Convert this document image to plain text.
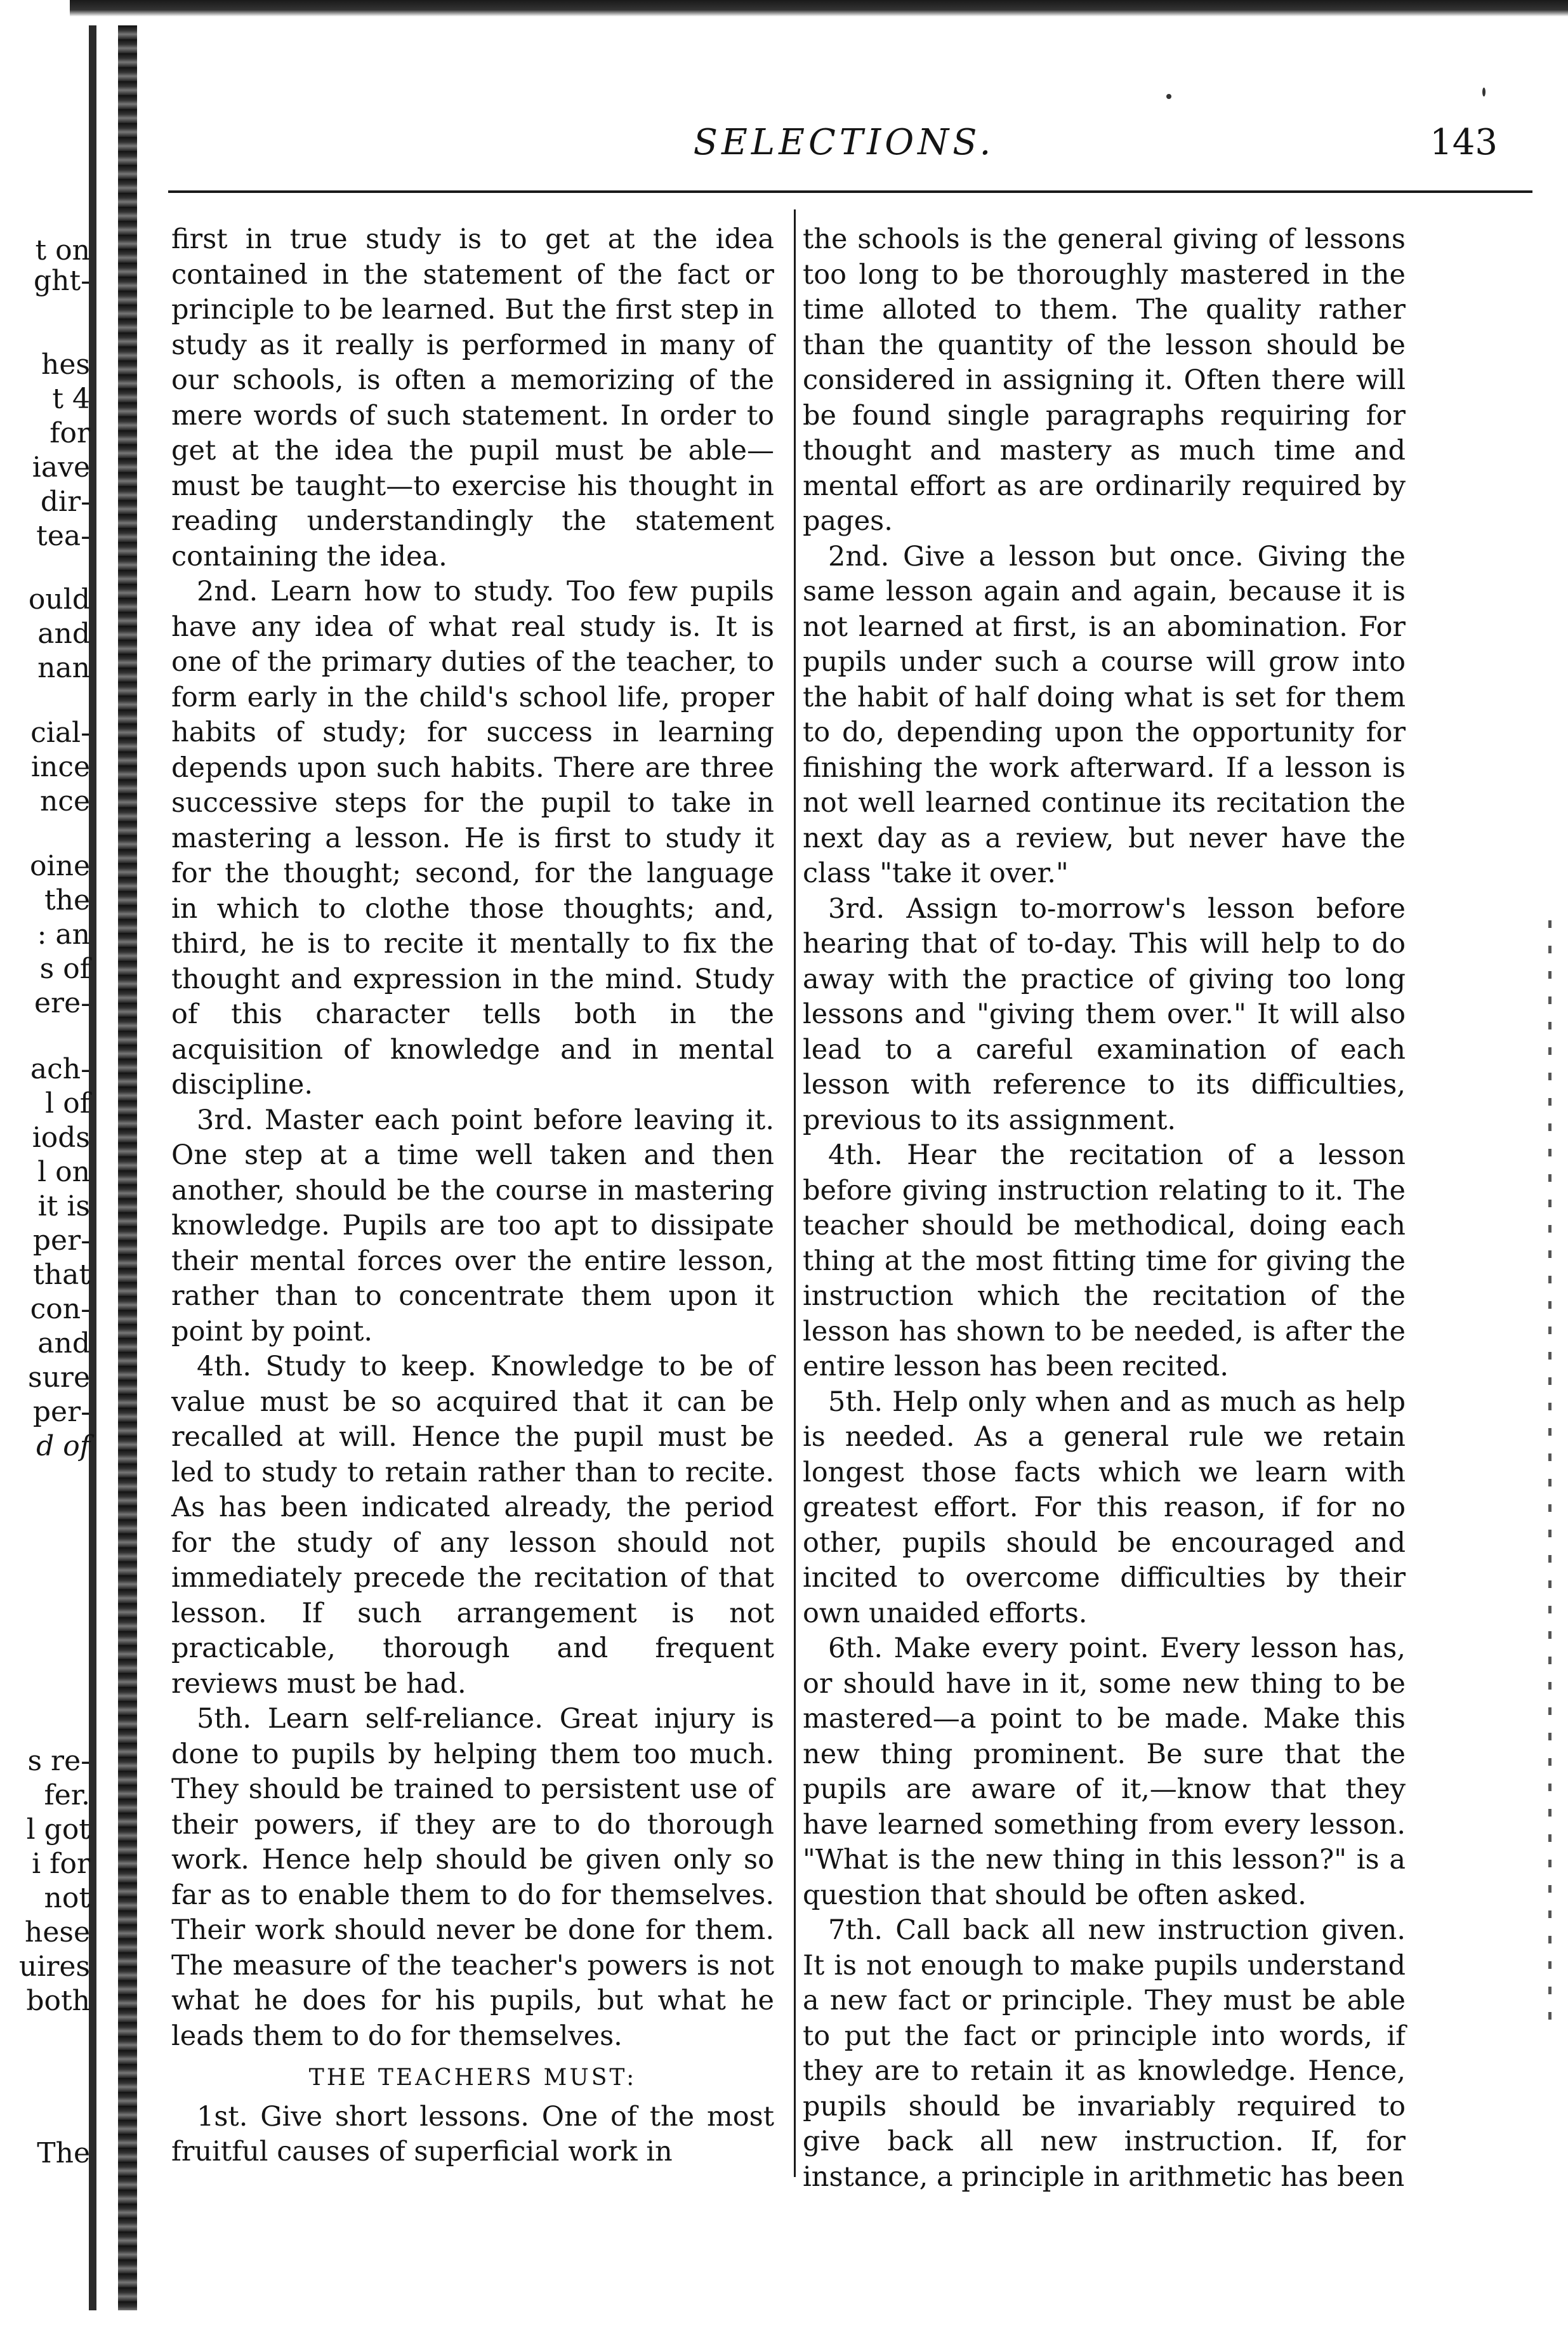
t on
ght-
hes
t 4
for
iave
dir-
tea-
ould
and
nan
cial-
ince
nce
oine
the
: an
s of
ere-
ach-
l of
iods
l on
it is
per-
that
con-
and
sure
per-
d of
s re-
fer.
l got
i for
not
hese
uires
both
The
SELECTIONS.	143

first in true study is to get at the idea contained in the statement of the fact or principle to be learned. But the first step in study as it really is performed in many of our schools, is often a memorizing of the mere words of such statement. In order to get at the idea the pupil must be able—must be taught—to exercise his thought in reading understandingly the statement containing the idea.

2nd. Learn how to study. Too few pupils have any idea of what real study is. It is one of the primary duties of the teacher, to form early in the child's school life, proper habits of study; for success in learning depends upon such habits. There are three successive steps for the pupil to take in mastering a lesson. He is first to study it for the thought; second, for the language in which to clothe those thoughts; and, third, he is to recite it mentally to fix the thought and expression in the mind. Study of this character tells both in the acquisition of knowledge and in mental discipline.

3rd. Master each point before leaving it. One step at a time well taken and then another, should be the course in mastering knowledge. Pupils are too apt to dissipate their mental forces over the entire lesson, rather than to concentrate them upon it point by point.

4th. Study to keep. Knowledge to be of value must be so acquired that it can be recalled at will. Hence the pupil must be led to study to retain rather than to recite. As has been indicated already, the period for the study of any lesson should not immediately precede the recitation of that lesson. If such arrangement is not practicable, thorough and frequent reviews must be had.

5th. Learn self-reliance. Great injury is done to pupils by helping them too much. They should be trained to persistent use of their powers, if they are to do thorough work. Hence help should be given only so far as to enable them to do for themselves. Their work should never be done for them. The measure of the teacher's powers is not what he does for his pupils, but what he leads them to do for themselves.

THE TEACHERS MUST:

1st. Give short lessons. One of the most fruitful causes of superficial work in

the schools is the general giving of lessons too long to be thoroughly mastered in the time alloted to them. The quality rather than the quantity of the lesson should be considered in assigning it. Often there will be found single paragraphs requiring for thought and mastery as much time and mental effort as are ordinarily required by pages.

2nd. Give a lesson but once. Giving the same lesson again and again, because it is not learned at first, is an abomination. For pupils under such a course will grow into the habit of half doing what is set for them to do, depending upon the opportunity for finishing the work afterward. If a lesson is not well learned continue its recitation the next day as a review, but never have the class "take it over."

3rd. Assign to-morrow's lesson before hearing that of to-day. This will help to do away with the practice of giving too long lessons and "giving them over." It will also lead to a careful examination of each lesson with reference to its difficulties, previous to its assignment.

4th. Hear the recitation of a lesson before giving instruction relating to it. The teacher should be methodical, doing each thing at the most fitting time for giving the instruction which the recitation of the lesson has shown to be needed, is after the entire lesson has been recited.

5th. Help only when and as much as help is needed. As a general rule we retain longest those facts which we learn with greatest effort. For this reason, if for no other, pupils should be encouraged and incited to overcome difficulties by their own unaided efforts.

6th. Make every point. Every lesson has, or should have in it, some new thing to be mastered—a point to be made. Make this new thing prominent. Be sure that the pupils are aware of it,—know that they have learned something from every lesson. "What is the new thing in this lesson?" is a question that should be often asked.

7th. Call back all new instruction given. It is not enough to make pupils understand a new fact or principle. They must be able to put the fact or principle into words, if they are to retain it as knowledge. Hence, pupils should be invariably required to give back all new instruction. If, for instance, a principle in arithmetic has been
